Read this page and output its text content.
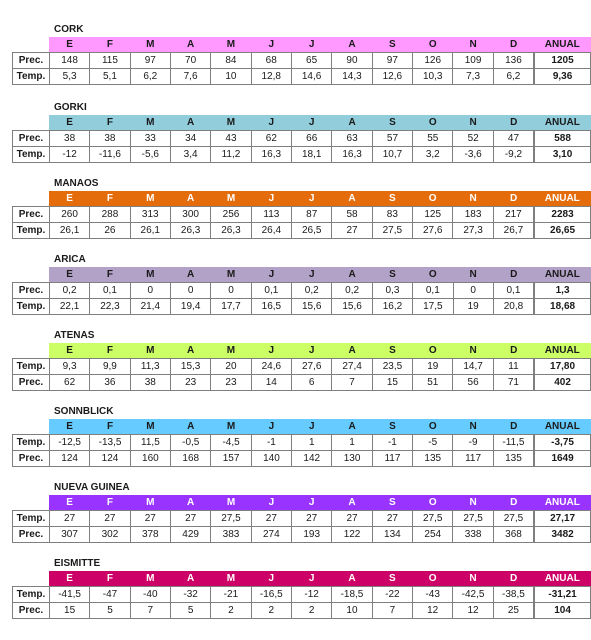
CORK
	E	F	M	A	M	J	J	A	S	O	N	D	ANUAL
Prec.	148	115	97	70	84	68	65	90	97	126	109	136	1205
Temp.	5,3	5,1	6,2	7,6	10	12,8	14,6	14,3	12,6	10,3	7,3	6,2	9,36
GORKI
	E	F	M	A	M	J	J	A	S	O	N	D	ANUAL
Prec.	38	38	33	34	43	62	66	63	57	55	52	47	588
Temp.	-12	-11,6	-5,6	3,4	11,2	16,3	18,1	16,3	10,7	3,2	-3,6	-9,2	3,10
MANAOS
	E	F	M	A	M	J	J	A	S	O	N	D	ANUAL
Prec.	260	288	313	300	256	113	87	58	83	125	183	217	2283
Temp.	26,1	26	26,1	26,3	26,3	26,4	26,5	27	27,5	27,6	27,3	26,7	26,65
ARICA
	E	F	M	A	M	J	J	A	S	O	N	D	ANUAL
Prec.	0,2	0,1	0	0	0	0,1	0,2	0,2	0,3	0,1	0	0,1	1,3
Temp.	22,1	22,3	21,4	19,4	17,7	16,5	15,6	15,6	16,2	17,5	19	20,8	18,68
ATENAS
	E	F	M	A	M	J	J	A	S	O	N	D	ANUAL
Temp.	9,3	9,9	11,3	15,3	20	24,6	27,6	27,4	23,5	19	14,7	11	17,80
Prec.	62	36	38	23	23	14	6	7	15	51	56	71	402
SONNBLICK
	E	F	M	A	M	J	J	A	S	O	N	D	ANUAL
Temp.	-12,5	-13,5	11,5	-0,5	-4,5	-1	1	1	-1	-5	-9	-11,5	-3,75
Prec.	124	124	160	168	157	140	142	130	117	135	117	135	1649
NUEVA GUINEA
	E	F	M	A	M	J	J	A	S	O	N	D	ANUAL
Temp.	27	27	27	27	27,5	27	27	27	27	27,5	27,5	27,5	27,17
Prec.	307	302	378	429	383	274	193	122	134	254	338	368	3482
EISMITTE
	E	F	M	A	M	J	J	A	S	O	N	D	ANUAL
Temp.	-41,5	-47	-40	-32	-21	-16,5	-12	-18,5	-22	-43	-42,5	-38,5	-31,21
Prec.	15	5	7	5	2	2	2	10	7	12	12	25	104
